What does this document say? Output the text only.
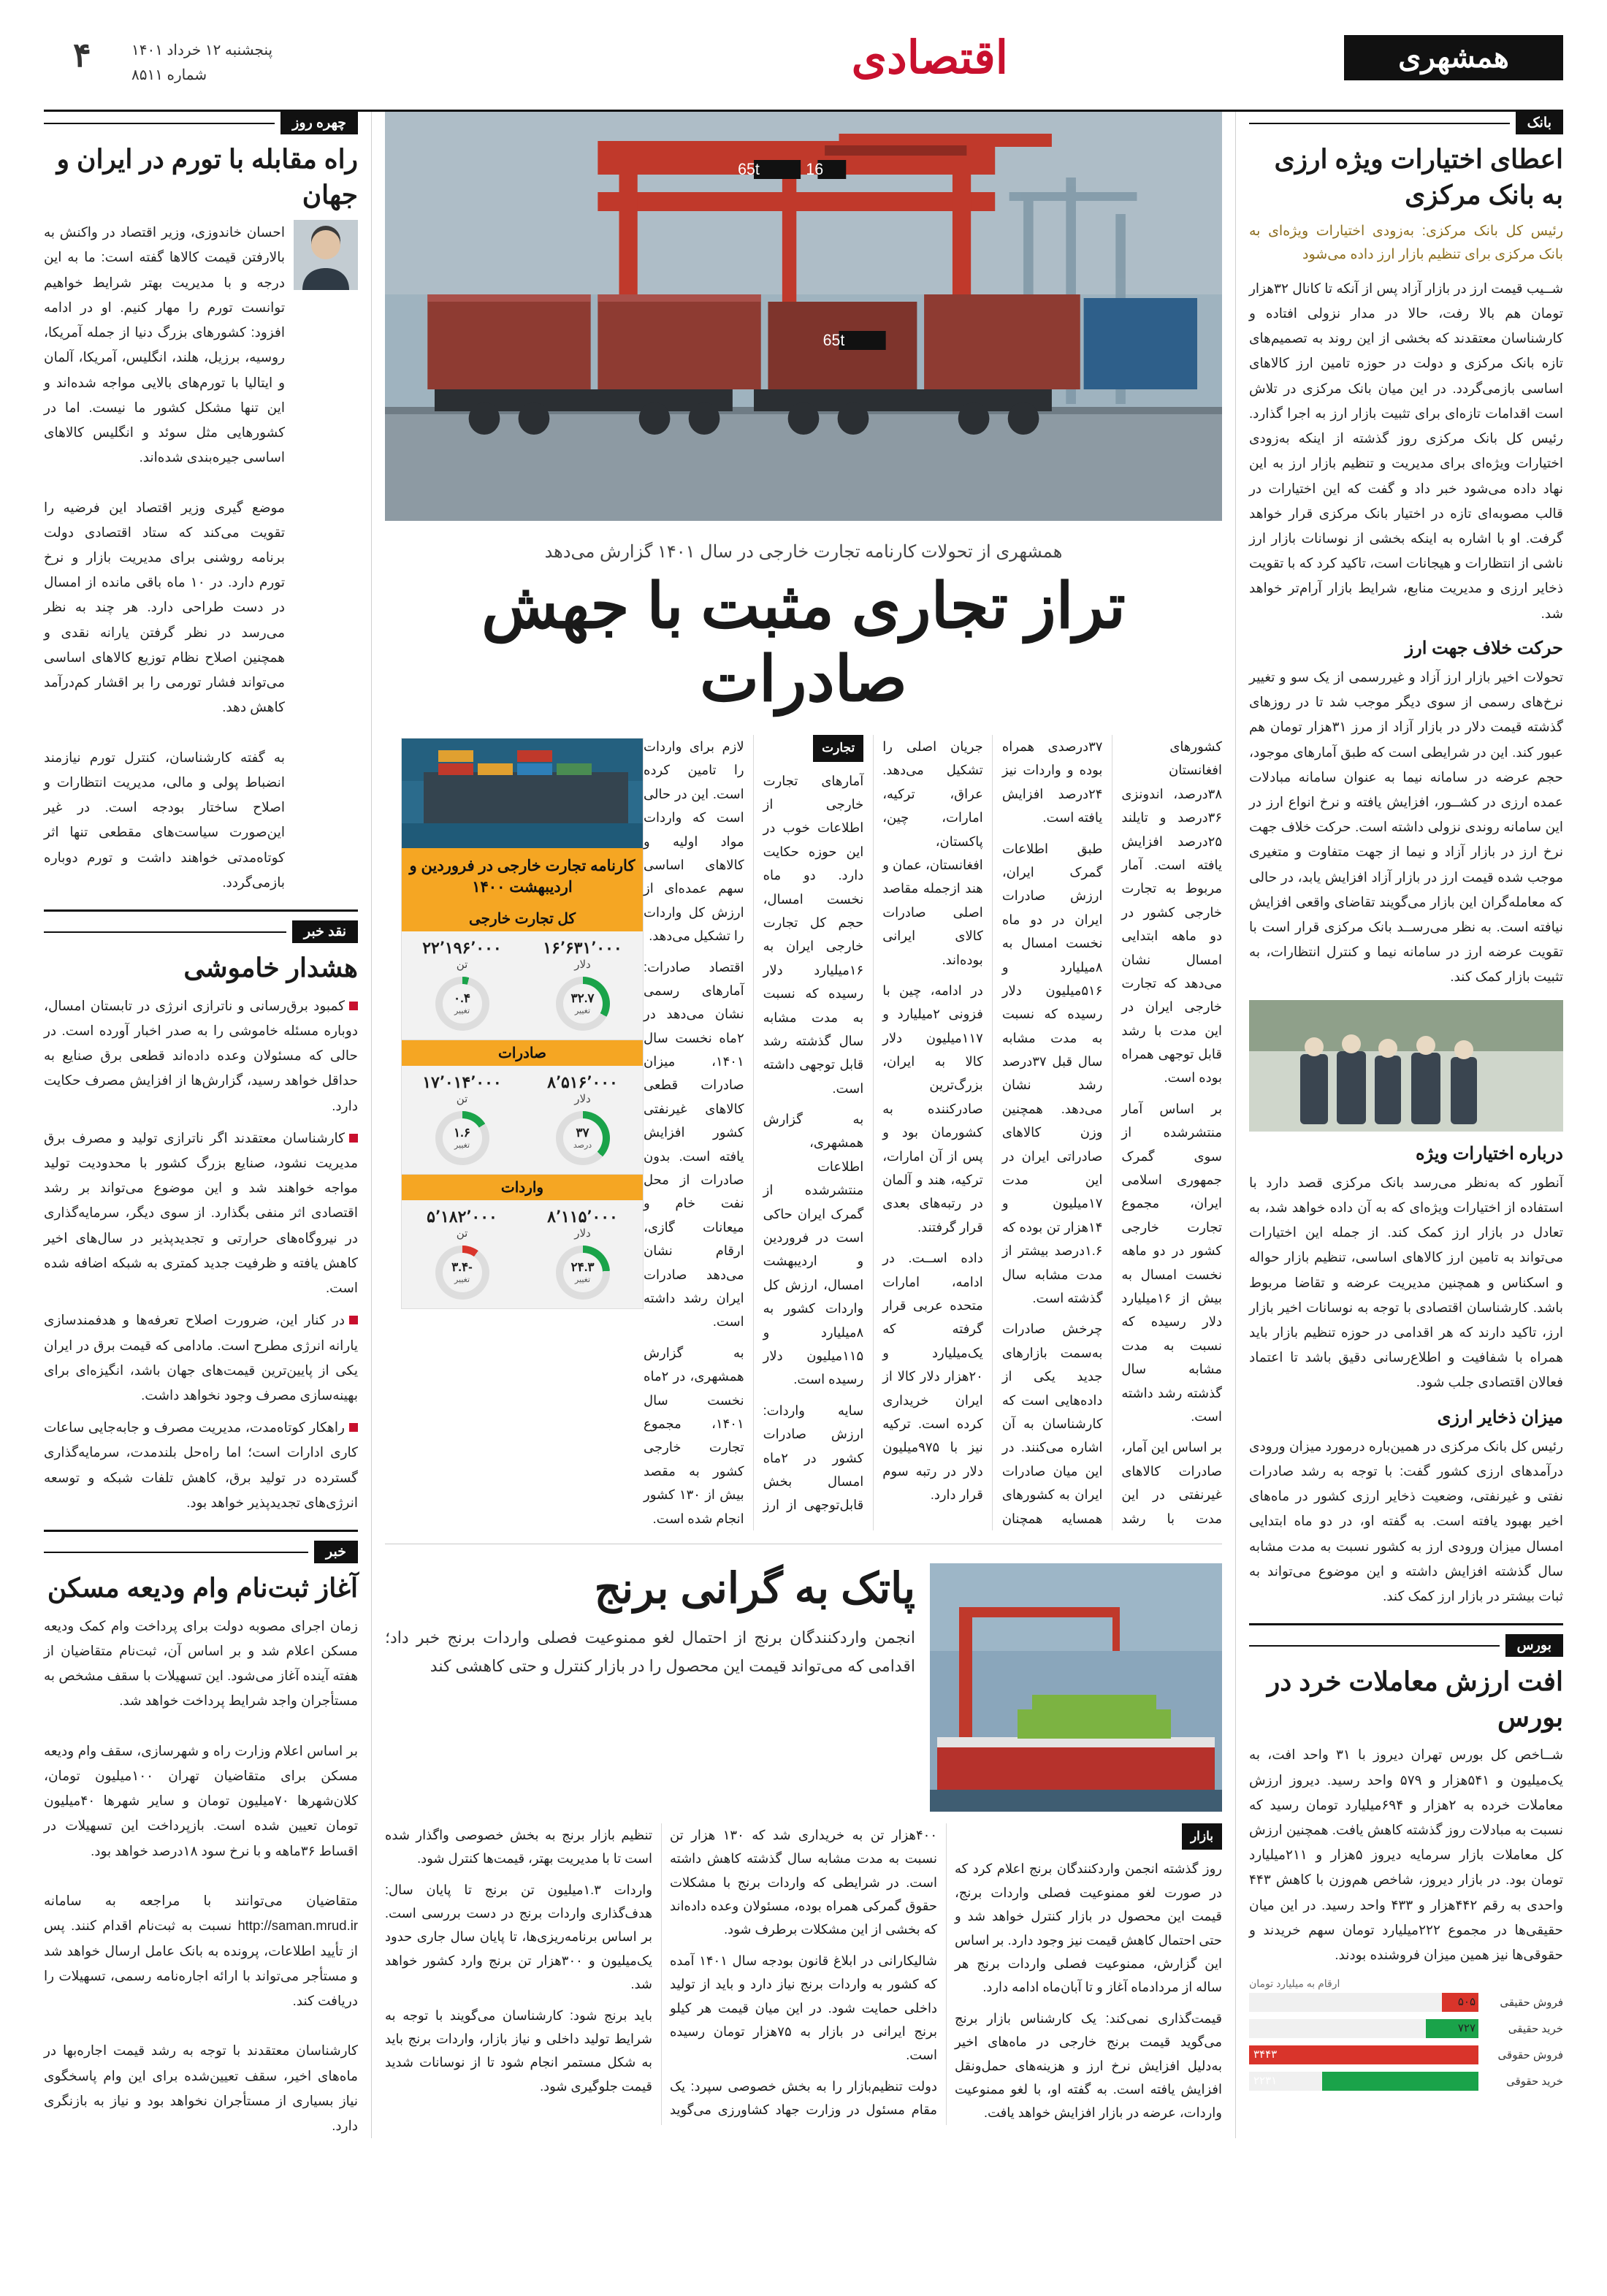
همشهری
اقتصادی
پنجشنبه ۱۲ خرداد ۱۴۰۱
شماره ۸۵۱۱
۴
بانک
اعطای اختیارات ویژه ارزی به بانک مرکزی
رئیس کل بانک مرکزی: به‌زودی اختیارات ویژه‌ای به بانک مرکزی برای تنظیم بازار ارز داده می‌شود
شــیب قیمت ارز در بازار آزاد پس از آنکه تا کانال ۳۲هزار تومان هم بالا رفت، حالا در مدار نزولی افتاده و کارشناسان معتقدند که بخشی از این روند به تصمیم‌های تازه بانک مرکزی و دولت در حوزه تامین ارز کالاهای اساسی بازمی‌گردد. در این میان بانک مرکزی در تلاش است اقدامات تازه‌ای برای تثبیت بازار ارز به اجرا گذارد. رئیس کل بانک مرکزی روز گذشته از اینکه به‌زودی اختیارات ویژه‌ای برای مدیریت و تنظیم بازار ارز به این نهاد داده می‌شود خبر داد و گفت که این اختیارات در قالب مصوبه‌ای تازه در اختیار بانک مرکزی قرار خواهد گرفت. او با اشاره به اینکه بخشی از نوسانات بازار ارز ناشی از انتظارات و هیجانات است، تاکید کرد که با تقویت ذخایر ارزی و مدیریت منابع، شرایط بازار آرام‌تر خواهد شد.
حرکت خلاف جهت ارز
تحولات اخیر بازار ارز آزاد و غیررسمی از یک سو و تغییر نرخ‌های رسمی از سوی دیگر موجب شد تا در روزهای گذشته قیمت دلار در بازار آزاد از مرز ۳۱هزار تومان هم عبور کند. این در شرایطی است که طبق آمارهای موجود، حجم عرضه در سامانه نیما به عنوان سامانه مبادلات عمده ارزی در کشــور، افزایش یافته و نرخ انواع ارز در این سامانه روندی نزولی داشته است. حرکت خلاف جهت نرخ ارز در بازار آزاد و نیما از جهت متفاوت و متغیری موجب شده قیمت ارز در بازار آزاد افزایش یابد، در حالی که معامله‌گران این بازار می‌گویند تقاضای واقعی افزایش نیافته است. به نظر می‌رســد بانک مرکزی قرار است با تقویت عرضه ارز در سامانه نیما و کنترل انتظارات، به تثبیت بازار کمک کند.
درباره اختیارات ویژه
آنطور که به‌نظر می‌رسد بانک مرکزی قصد دارد با استفاده از اختیارات ویژه‌ای که به آن داده خواهد شد، به تعادل در بازار ارز کمک کند. از جمله این اختیارات می‌تواند به تامین ارز کالاهای اساسی، تنظیم بازار حواله و اسکناس و همچنین مدیریت عرضه و تقاضا مربوط باشد. کارشناسان اقتصادی با توجه به نوسانات اخیر بازار ارز، تاکید دارند که هر اقدامی در حوزه تنظیم بازار باید همراه با شفافیت و اطلاع‌رسانی دقیق باشد تا اعتماد فعالان اقتصادی جلب شود.
میزان ذخایر ارزی
رئیس کل بانک مرکزی در همین‌باره درمورد میزان ورودی درآمدهای ارزی کشور گفت: با توجه به رشد صادرات نفتی و غیرنفتی، وضعیت ذخایر ارزی کشور در ماه‌های اخیر بهبود یافته است. به گفته او، در دو ماه ابتدایی امسال میزان ورودی ارز به کشور نسبت به مدت مشابه سال گذشته افزایش داشته و این موضوع می‌تواند به ثبات بیشتر در بازار ارز کمک کند.
بورس
افت ارزش معاملات خرد در بورس
شــاخص کل بورس تهران دیروز با ۳۱ واحد افت، به یک‌میلیون و ۵۴۱هزار و ۵۷۹ واحد رسید. دیروز ارزش معاملات خرده به ۲هزار و ۶۹۴میلیارد تومان رسید که نسبت به مبادلات روز گذشته کاهش یافت. همچنین ارزش کل معاملات بازار سرمایه دیروز ۵هزار و ۲۱۱میلیارد تومان بود. در بازار دیروز، شاخص هم‌وزن با کاهش ۴۴۳ واحدی به رقم ۴۴۲هزار و ۴۳۳ واحد رسید. در این میان حقیقی‌ها در مجموع ۲۲۲میلیارد تومان سهم خریدند و حقوقی‌ها نیز همین میزان فروشنده بودند.
ارقام به میلیارد تومان
فروش حقیقی
۵۰۵
خرید حقیقی
۷۲۷
فروش حقوقی
۳۴۴۳
خرید حقوقی
۲۲۳۱
65t	16
65t
همشهری از تحولات کارنامه تجارت خارجی در سال ۱۴۰۱ گزارش می‌دهد
تراز تجاری مثبت با جهش صادرات
کارنامه تجارت خارجی در فروردین و اردیبهشت ۱۴۰۰
کل تجارت خارجی
۱۶٬۶۳۱٬۰۰۰
دلار
۳۲.۷
تغییر
۲۲٬۱۹۶٬۰۰۰
تن
۰.۴
تغییر
صادرات
۸٬۵۱۶٬۰۰۰
دلار
۳۷
درصد
۱۷٬۰۱۴٬۰۰۰
تن
۱.۶
تغییر
واردات
۸٬۱۱۵٬۰۰۰
دلار
۲۴.۳
تغییر
۵٬۱۸۲٬۰۰۰
تن
-۳.۴
تغییر

کشورهای افغانستان ۳۸درصد، اندونزی ۳۶درصد و تایلند ۲۵درصد افزایش یافته است. آمار مربوط به تجارت خارجی کشور در دو ماهه ابتدایی امسال نشان می‌دهد که تجارت خارجی ایران در این مدت با رشد قابل توجهی همراه بوده است.

بر اساس آمار منتشرشده از سوی گمرک جمهوری اسلامی ایران، مجموع تجارت خارجی کشور در دو ماهه نخست امسال به بیش از ۱۶میلیارد دلار رسیده که نسبت به مدت مشابه سال گذشته رشد داشته است.

بر اساس این آمار، صادرات کالاهای غیرنفتی در این مدت با رشد ۳۷درصدی همراه بوده و واردات نیز ۲۴درصد افزایش یافته است.

طبق اطلاعات گمرک ایران، ارزش صادرات ایران در دو ماه نخست امسال به ۸میلیارد و ۵۱۶میلیون دلار رسیده که نسبت به مدت مشابه سال قبل ۳۷درصد رشد نشان می‌دهد. همچنین وزن کالاهای صادراتی ایران در این مدت ۱۷میلیون و ۱۴هزار تن بوده که ۱.۶درصد بیشتر از مدت مشابه سال گذشته است.

چرخش صادرات به‌سمت بازارهای جدید یکی از داده‌هایی است که کارشناسان به آن اشاره می‌کنند. در این میان صادرات ایران به کشورهای همسایه همچنان جریان اصلی را تشکیل می‌دهد. عراق، ترکیه، امارات، چین، پاکستان، افغانستان، عمان و هند ازجمله مقاصد اصلی صادرات کالای ایرانی بوده‌اند.

در ادامه، چین با فزونی ۲میلیارد و ۱۱۷میلیون دلار کالا به ایران، بزرگ‌ترین صادرکننده به کشورمان بود و پس از آن امارات، ترکیه، هند و آلمان در رتبه‌های بعدی قرار گرفتند.

داده اســت. در ادامه، امارات متحده عربی قرار گرفته که یک‌میلیارد و ۲۰هزار دلار کالا از ایران خریداری کرده است. ترکیه نیز با ۹۷۵میلیون دلار در رتبه سوم قرار دارد.

تجارت

آمارهای تجارت خارجی از اطلاعات خوب در این حوزه حکایت دارد. دو ماه نخست امسال، حجم کل تجارت خارجی ایران به ۱۶میلیارد دلار رسیده که نسبت به مدت مشابه سال گذشته رشد قابل توجهی داشته است.

به گزارش همشهری، اطلاعات منتشرشده از گمرک ایران حاکی است در فروردین و اردیبهشت امسال، ارزش کل واردات کشور به ۸میلیارد و ۱۱۵میلیون دلار رسیده است.

سایه واردات: ارزش صادرات کشور در ۲ماه امسال بخش قابل‌توجهی از ارز لازم برای واردات را تامین کرده است. این در حالی است که واردات مواد اولیه و کالاهای اساسی سهم عمده‌ای از ارزش کل واردات را تشکیل می‌دهد.

اقتصاد صادرات: آمارهای رسمی نشان می‌دهد در ۲ماه نخست سال ۱۴۰۱، میزان صادرات قطعی کالاهای غیرنفتی کشور افزایش یافته است. بدون صادرات از محل نفت خام و میعانات گازی، ارقام نشان می‌دهد صادرات ایران رشد داشته است.

به گزارش همشهری، در ۲ماه نخست سال ۱۴۰۱، مجموع تجارت خارجی کشور به مقصد بیش از ۱۳۰ کشور انجام شده است.

پاتک به گرانی برنج
انجمن واردکنندگان برنج از احتمال لغو ممنوعیت فصلی واردات برنج خبر داد؛ اقدامی که می‌تواند قیمت این محصول را در بازار کنترل و حتی کاهشی کند

بازار

روز گذشته انجمن واردکنندگان برنج اعلام کرد که در صورت لغو ممنوعیت فصلی واردات برنج، قیمت این محصول در بازار کنترل خواهد شد و حتی احتمال کاهش قیمت نیز وجود دارد. بر اساس این گزارش، ممنوعیت فصلی واردات برنج هر ساله از مردادماه آغاز و تا آبان‌ماه ادامه دارد.

قیمت‌گذاری نمی‌کند: یک کارشناس بازار برنج می‌گوید قیمت برنج خارجی در ماه‌های اخیر به‌دلیل افزایش نرخ ارز و هزینه‌های حمل‌ونقل افزایش یافته است. به گفته او، با لغو ممنوعیت واردات، عرضه در بازار افزایش خواهد یافت.

۴۰۰هزار تن به خریداری شد که ۱۳۰ هزار تن نسبت به مدت مشابه سال گذشته کاهش داشته است. در شرایطی که واردات برنج با مشکلات حقوق گمرکی همراه بوده، مسئولان وعده داده‌اند که بخشی از این مشکلات برطرف شود.

شالیکارانی در ابلاغ قانون بودجه سال ۱۴۰۱ آمده که کشور به واردات برنج نیاز دارد و باید از تولید داخلی حمایت شود. در این میان قیمت هر کیلو برنج ایرانی در بازار به ۷۵هزار تومان رسیده است.

دولت تنظیم‌بازار را به بخش خصوصی سپرد: یک مقام مسئول در وزارت جهاد کشاورزی می‌گوید تنظیم بازار برنج به بخش خصوصی واگذار شده است تا با مدیریت بهتر، قیمت‌ها کنترل شود.

واردات ۱.۳میلیون تن برنج تا پایان سال: هدف‌گذاری واردات برنج در دست بررسی است. بر اساس برنامه‌ریزی‌ها، تا پایان سال جاری حدود یک‌میلیون و ۳۰۰هزار تن برنج وارد کشور خواهد شد.

باید برنج شود: کارشناسان می‌گویند با توجه به شرایط تولید داخلی و نیاز بازار، واردات برنج باید به شکل مستمر انجام شود تا از نوسانات شدید قیمت جلوگیری شود.

چهره روز
راه مقابله با تورم در ایران و جهان
احسان خاندوزی، وزیر اقتصاد در واکنش به بالارفتن قیمت کالاها گفته است: ما به این درجه و با مدیریت بهتر شرایط خواهیم توانست تورم را مهار کنیم. او در ادامه افزود: کشورهای بزرگ دنیا از جمله آمریکا، روسیه، برزیل، هلند، انگلیس، آمریکا، آلمان و ایتالیا با تورم‌های بالایی مواجه شده‌اند و این تنها مشکل کشور ما نیست. اما در کشورهایی مثل سوئد و انگلیس کالاهای اساسی جیره‌بندی شده‌اند.

موضع گیری وزیر اقتصاد این فرضیه را تقویت می‌کند که ستاد اقتصادی دولت برنامه روشنی برای مدیریت بازار و نرخ تورم دارد. در ۱۰ ماه باقی مانده از امسال در دست طراحی دارد. هر چند به نظر می‌رسد در نظر گرفتن یارانه نقدی و همچنین اصلاح نظام توزیع کالاهای اساسی می‌تواند فشار تورمی را بر اقشار کم‌درآمد کاهش دهد.

به گفته کارشناسان، کنترل تورم نیازمند انضباط پولی و مالی، مدیریت انتظارات و اصلاح ساختار بودجه است. در غیر این‌صورت سیاست‌های مقطعی تنها اثر کوتاه‌مدتی خواهند داشت و تورم دوباره بازمی‌گردد.
نقد خبر
هشدار خاموشی
کمبود برق‌رسانی و ناترازی انرژی در تابستان امسال، دوباره مسئله خاموشی را به صدر اخبار آورده است. در حالی که مسئولان وعده داده‌اند قطعی برق صنایع به حداقل خواهد رسید، گزارش‌ها از افزایش مصرف حکایت دارد.
کارشناسان معتقدند اگر ناترازی تولید و مصرف برق مدیریت نشود، صنایع بزرگ کشور با محدودیت تولید مواجه خواهند شد و این موضوع می‌تواند بر رشد اقتصادی اثر منفی بگذارد. از سوی دیگر، سرمایه‌گذاری در نیروگاه‌های حرارتی و تجدیدپذیر در سال‌های اخیر کاهش یافته و ظرفیت جدید کمتری به شبکه اضافه شده است.
در کنار این، ضرورت اصلاح تعرفه‌ها و هدفمندسازی یارانه انرژی مطرح است. مادامی که قیمت برق در ایران یکی از پایین‌ترین قیمت‌های جهان باشد، انگیزه‌ای برای بهینه‌سازی مصرف وجود نخواهد داشت.
راهکار کوتاه‌مدت، مدیریت مصرف و جابه‌جایی ساعات کاری ادارات است؛ اما راه‌حل بلندمدت، سرمایه‌گذاری گسترده در تولید برق، کاهش تلفات شبکه و توسعه انرژی‌های تجدیدپذیر خواهد بود.
خبر
آغاز ثبت‌نام وام ودیعه مسکن
زمان اجرای مصوبه دولت برای پرداخت وام کمک ودیعه مسکن اعلام شد و بر اساس آن، ثبت‌نام متقاضیان از هفته آینده آغاز می‌شود. این تسهیلات با سقف مشخص به مستأجران واجد شرایط پرداخت خواهد شد.

بر اساس اعلام وزارت راه و شهرسازی، سقف وام ودیعه مسکن برای متقاضیان تهران ۱۰۰میلیون تومان، کلان‌شهرها ۷۰میلیون تومان و سایر شهرها ۴۰میلیون تومان تعیین شده است. بازپرداخت این تسهیلات در اقساط ۳۶ماهه و با نرخ سود ۱۸درصد خواهد بود.

متقاضیان می‌توانند با مراجعه به سامانه http://saman.mrud.ir نسبت به ثبت‌نام اقدام کنند. پس از تأیید اطلاعات، پرونده به بانک عامل ارسال خواهد شد و مستأجر می‌تواند با ارائه اجاره‌نامه رسمی، تسهیلات را دریافت کند.

کارشناسان معتقدند با توجه به رشد قیمت اجاره‌بها در ماه‌های اخیر، سقف تعیین‌شده برای این وام پاسخگوی نیاز بسیاری از مستأجران نخواهد بود و نیاز به بازنگری دارد.
